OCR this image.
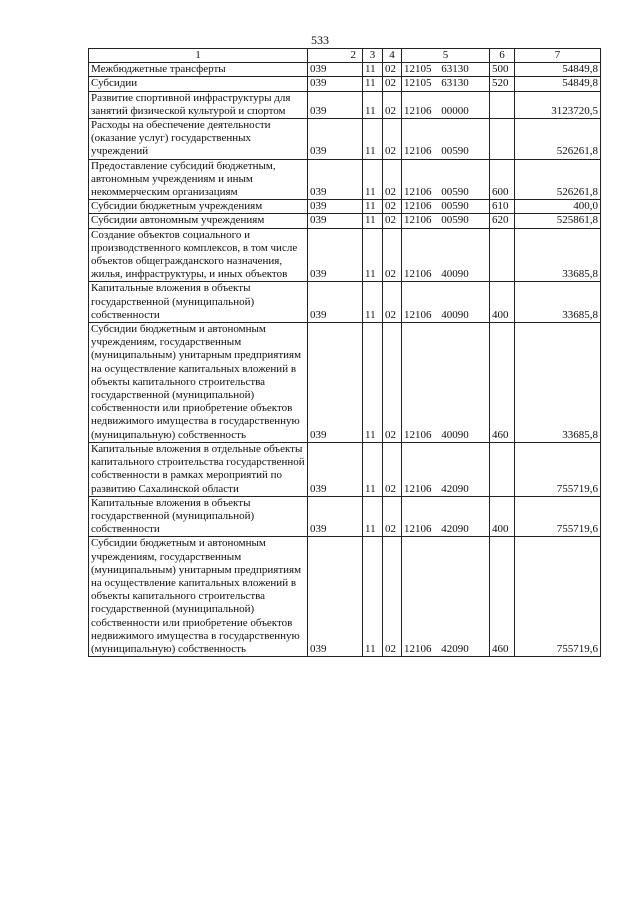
533
1	2	3	4	5	6	7
Межбюджетные трансферты	039	11	02	12105 63130	500	54849,8
Субсидии	039	11	02	12105 63130	520	54849,8
Развитие спортивной инфраструктуры для занятий физической культурой и спортом	039	11	02	12106 00000		3123720,5
Расходы на обеспечение деятельности (оказание услуг) государственных учреждений	039	11	02	12106 00590		526261,8
Предоставление субсидий бюджетным, автономным учреждениям и иным некоммерческим организациям	039	11	02	12106 00590	600	526261,8
Субсидии бюджетным учреждениям	039	11	02	12106 00590	610	400,0
Субсидии автономным учреждениям	039	11	02	12106 00590	620	525861,8
Создание объектов социального и производственного комплексов, в том числе объектов общегражданского назначения, жилья, инфраструктуры, и иных объектов	039	11	02	12106 40090		33685,8
Капитальные вложения в объекты государственной (муниципальной) собственности	039	11	02	12106 40090	400	33685,8
Субсидии бюджетным и автономным учреждениям, государственным (муниципальным) унитарным предприятиям на осуществление капитальных вложений в объекты капитального строительства государственной (муниципальной) собственности или приобретение объектов недвижимого имущества в государственную (муниципальную) собственность	039	11	02	12106 40090	460	33685,8
Капитальные вложения в отдельные объекты капитального строительства государственной собственности в рамках мероприятий по развитию Сахалинской области	039	11	02	12106 42090		755719,6
Капитальные вложения в объекты государственной (муниципальной) собственности	039	11	02	12106 42090	400	755719,6
Субсидии бюджетным и автономным учреждениям, государственным (муниципальным) унитарным предприятиям на осуществление капитальных вложений в объекты капитального строительства государственной (муниципальной) собственности или приобретение объектов недвижимого имущества в государственную (муниципальную) собственность	039	11	02	12106 42090	460	755719,6
